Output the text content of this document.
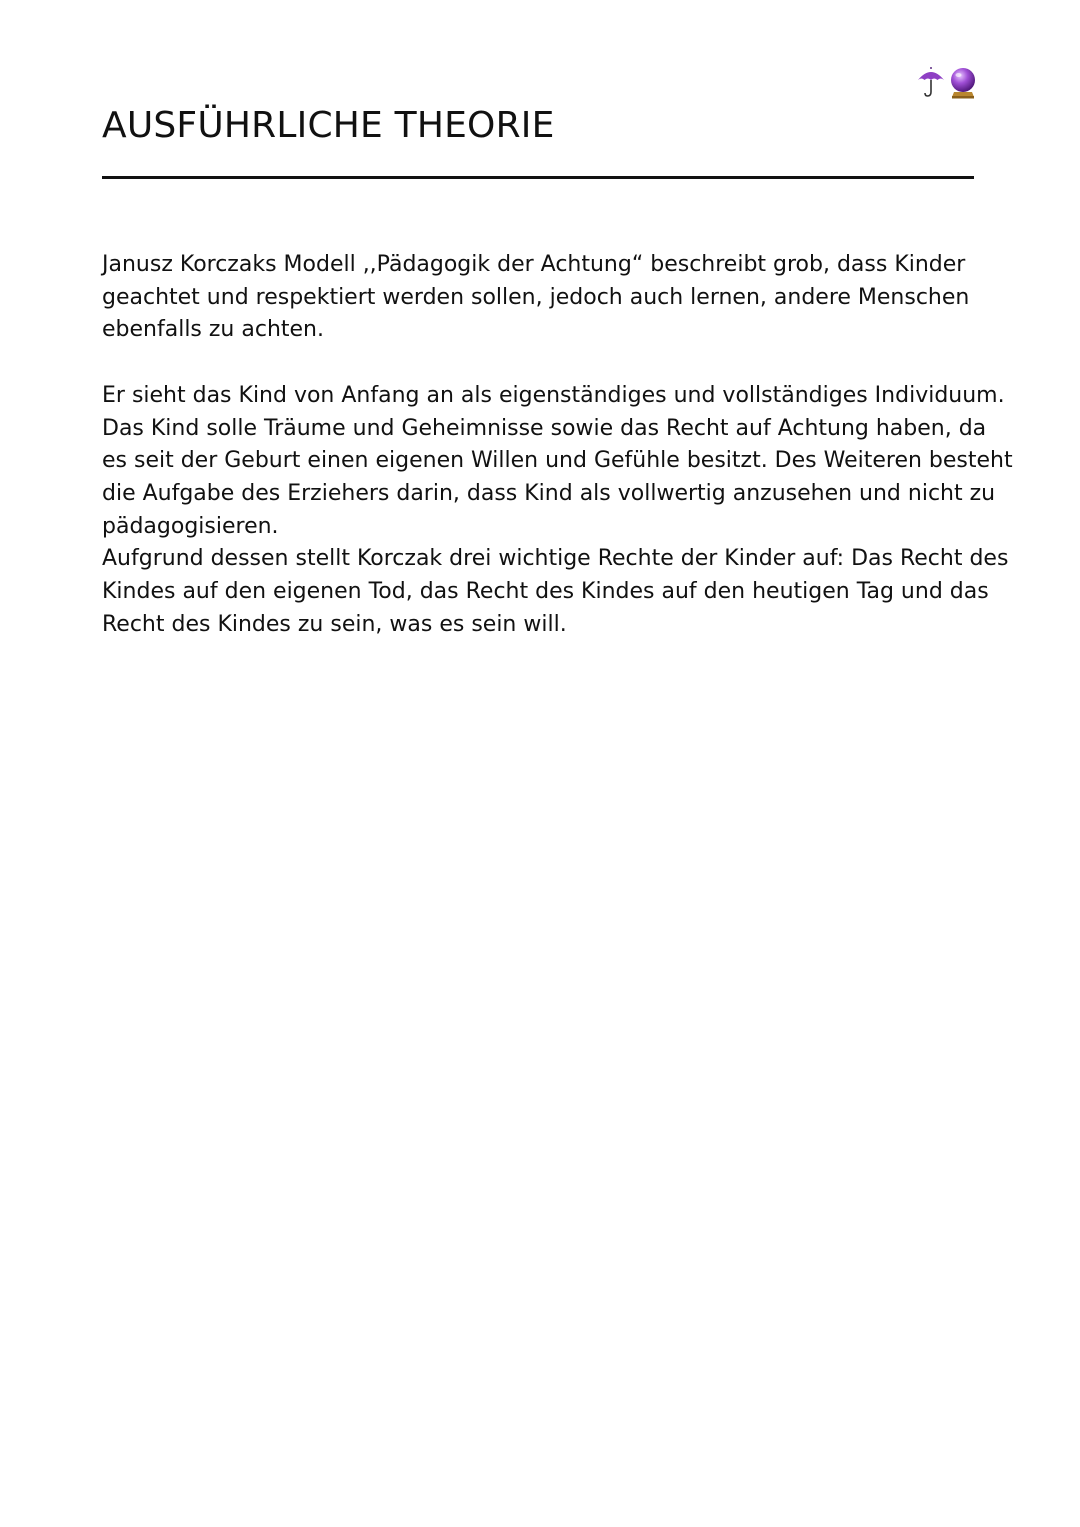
AUSFÜHRLICHE THEORIE

Janusz Korczaks Modell ,,Pädagogik der Achtung“ beschreibt grob, dass Kinder
geachtet und respektiert werden sollen, jedoch auch lernen, andere Menschen
ebenfalls zu achten.

Er sieht das Kind von Anfang an als eigenständiges und vollständiges Individuum.
Das Kind solle Träume und Geheimnisse sowie das Recht auf Achtung haben, da
es seit der Geburt einen eigenen Willen und Gefühle besitzt. Des Weiteren besteht
die Aufgabe des Erziehers darin, dass Kind als vollwertig anzusehen und nicht zu
pädagogisieren.

Aufgrund dessen stellt Korczak drei wichtige Rechte der Kinder auf: Das Recht des
Kindes auf den eigenen Tod, das Recht des Kindes auf den heutigen Tag und das
Recht des Kindes zu sein, was es sein will.
